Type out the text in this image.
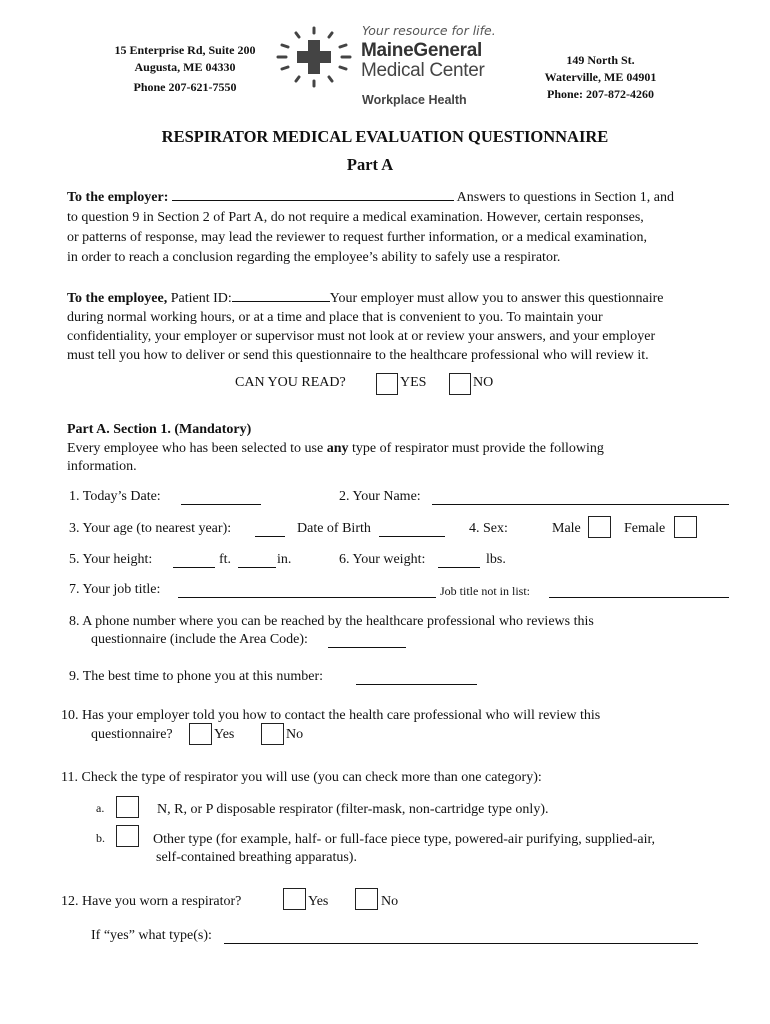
15 Enterprise Rd, Suite 200
Augusta, ME 04330
Phone 207-621-7550
149 North St.
Waterville, ME 04901
Phone: 207-872-4260
Your resource for life.
MaineGeneral
Medical Center
Workplace Health
RESPIRATOR MEDICAL EVALUATION QUESTIONNAIRE
Part A
To the employer:	Answers to questions in Section 1, and
to question 9 in Section 2 of Part A, do not require a medical examination. However, certain responses,
or patterns of response, may lead the reviewer to request further information, or a medical examination,
in order to reach a conclusion regarding the employee’s ability to safely use a respirator.
To the employee, Patient ID:	Your employer must allow you to answer this questionnaire
during normal working hours, or at a time and place that is convenient to you. To maintain your
confidentiality, your employer or supervisor must not look at or review your answers, and your employer
must tell you how to deliver or send this questionnaire to the healthcare professional who will review it.
CAN YOU READ?	YES	NO
Part A. Section 1. (Mandatory)
Every employee who has been selected to use any type of respirator must provide the following
information.
1. Today’s Date:	2. Your Name:
3. Your age (to nearest year):	Date of Birth	4. Sex:	Male	Female
5. Your height:	ft.	in.	6. Your weight:	lbs.
7. Your job title:	Job title not in list:
8. A phone number where you can be reached by the healthcare professional who reviews this
questionnaire (include the Area Code):
9. The best time to phone you at this number:
10. Has your employer told you how to contact the health care professional who will review this
questionnaire?	Yes	No
11. Check the type of respirator you will use (you can check more than one category):
a.	N, R, or P disposable respirator (filter-mask, non-cartridge type only).
b.	Other type (for example, half- or full-face piece type, powered-air purifying, supplied-air,
self-contained breathing apparatus).
12. Have you worn a respirator?	Yes	No
If “yes” what type(s):
